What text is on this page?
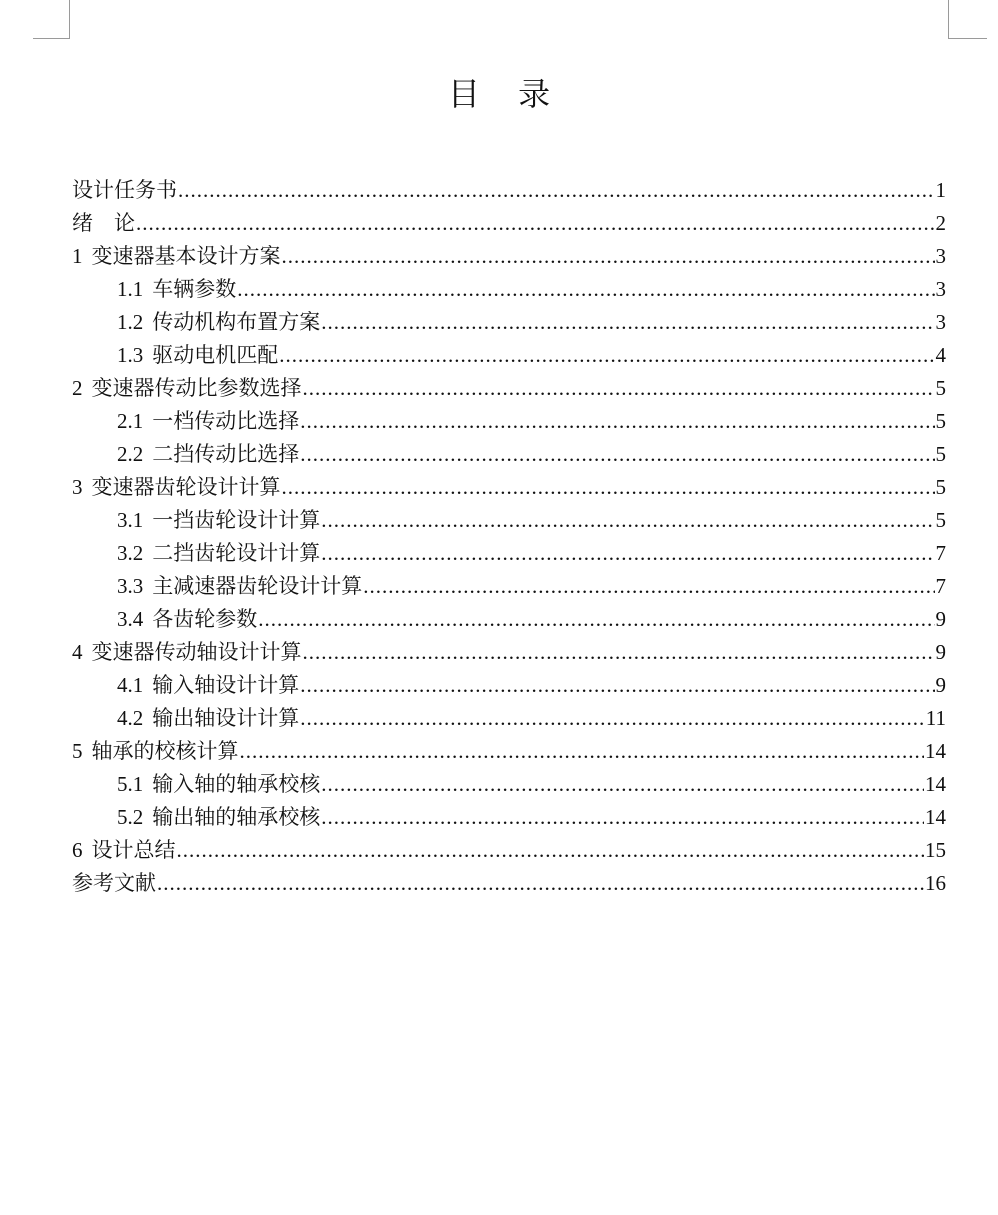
目 录
设计任务书 .....	1
绪　论 .....	2
1 变速器基本设计方案 .....	3
1.1 车辆参数 .....	3
1.2 传动机构布置方案 .....	3
1.3 驱动电机匹配 .....	4
2 变速器传动比参数选择 .....	5
2.1 一档传动比选择 .....	5
2.2 二挡传动比选择 .....	5
3 变速器齿轮设计计算 .....	5
3.1 一挡齿轮设计计算 .....	5
3.2 二挡齿轮设计计算 .....	7
3.3 主减速器齿轮设计计算 .....	7
3.4 各齿轮参数 .....	9
4 变速器传动轴设计计算 .....	9
4.1 输入轴设计计算 .....	9
4.2 输出轴设计计算 .....	11
5 轴承的校核计算 .....	14
5.1 输入轴的轴承校核 .....	14
5.2 输出轴的轴承校核 .....	14
6 设计总结 .....	15
参考文献 .....	16
